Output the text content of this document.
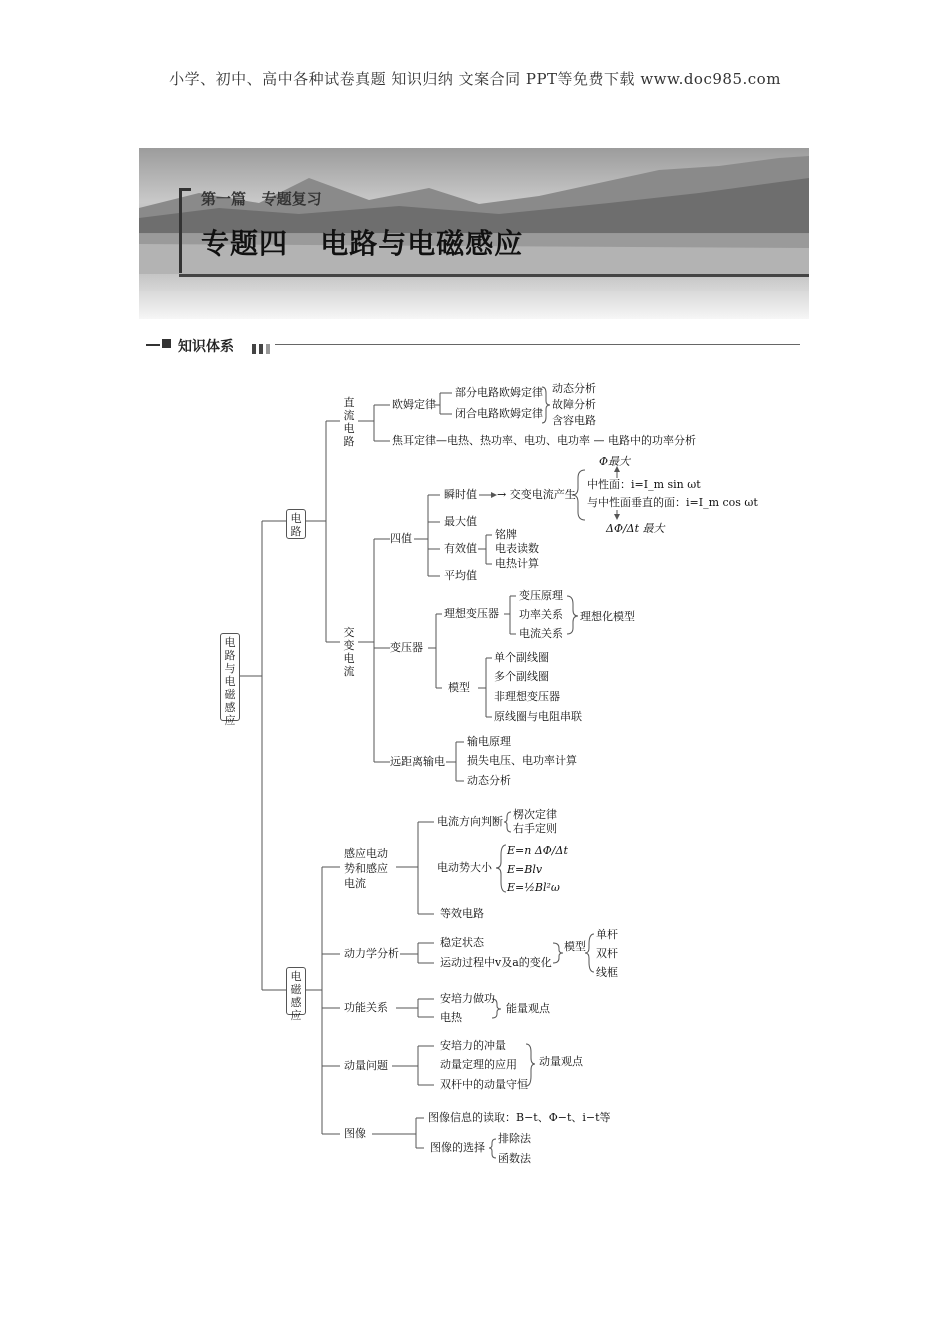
小学、初中、高中各种试卷真题 知识归纳 文案合同 PPT等免费下载 www.doc985.com
第一篇   专题复习
专题四   电路与电磁感应
知识体系
电路与电磁感应
电路
电磁感应
直流电路
欧姆定律
部分电路欧姆定律
闭合电路欧姆定律
动态分析
故障分析
含容电路
焦耳定律 —电热、热功率、电功、电功率 — 电路中的功率分析
交变电流
四值
瞬时值 → 交变电流产生
Φ最大
中性面：i=I_m sin ωt
与中性面垂直的面：i=I_m cos ωt
ΔΦ/Δt 最大
最大值
有效值
铭牌
电表读数
电热计算
平均值
变压器
理想变压器
变压原理
功率关系
电流关系
理想化模型
模型
单个副线圈
多个副线圈
非理想变压器
原线圈与电阻串联
远距离输电
输电原理
损失电压、电功率计算
动态分析
感应电动势和感应电流
电流方向判断
楞次定律
右手定则
电动势大小
E=n ΔΦ/Δt
E=Blv
E=½Bl²ω
等效电路
动力学分析
稳定状态
运动过程中v及a的变化
模型
单杆
双杆
线框
功能关系
安培力做功
电热
能量观点
动量问题
安培力的冲量
动量定理的应用
双杆中的动量守恒
动量观点
图像
图像信息的读取：B−t、Φ−t、i−t等
图像的选择
排除法
函数法
